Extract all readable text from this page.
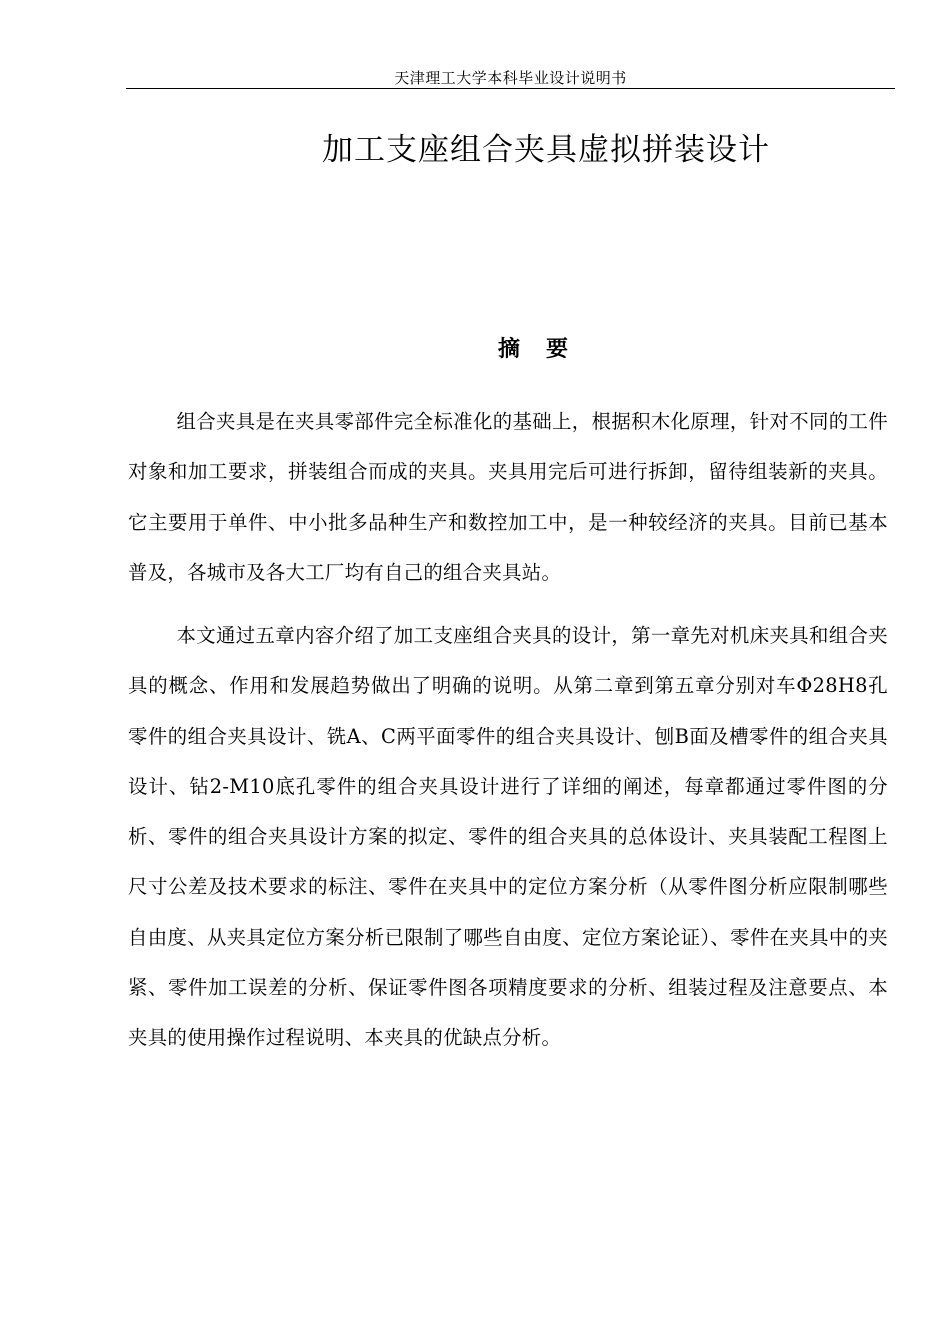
天津理工大学本科毕业设计说明书
加工支座组合夹具虚拟拼装设计
摘要

组合夹具是在夹具零部件完全标准化的基础上，根据积木化原理，针对不同的工件对象和加工要求，拼装组合而成的夹具。夹具用完后可进行拆卸，留待组装新的夹具。它主要用于单件、中小批多品种生产和数控加工中，是一种较经济的夹具。目前已基本普及，各城市及各大工厂均有自己的组合夹具站。

本文通过五章内容介绍了加工支座组合夹具的设计，第一章先对机床夹具和组合夹具的概念、作用和发展趋势做出了明确的说明。从第二章到第五章分别对车Φ28H8孔零件的组合夹具设计、铣A、C两平面零件的组合夹具设计、刨B面及槽零件的组合夹具设计、钻2-M10底孔零件的组合夹具设计进行了详细的阐述，每章都通过零件图的分析、零件的组合夹具设计方案的拟定、零件的组合夹具的总体设计、夹具装配工程图上尺寸公差及技术要求的标注、零件在夹具中的定位方案分析（从零件图分析应限制哪些自由度、从夹具定位方案分析已限制了哪些自由度、定位方案论证）、零件在夹具中的夹紧、零件加工误差的分析、保证零件图各项精度要求的分析、组装过程及注意要点、本夹具的使用操作过程说明、本夹具的优缺点分析。
